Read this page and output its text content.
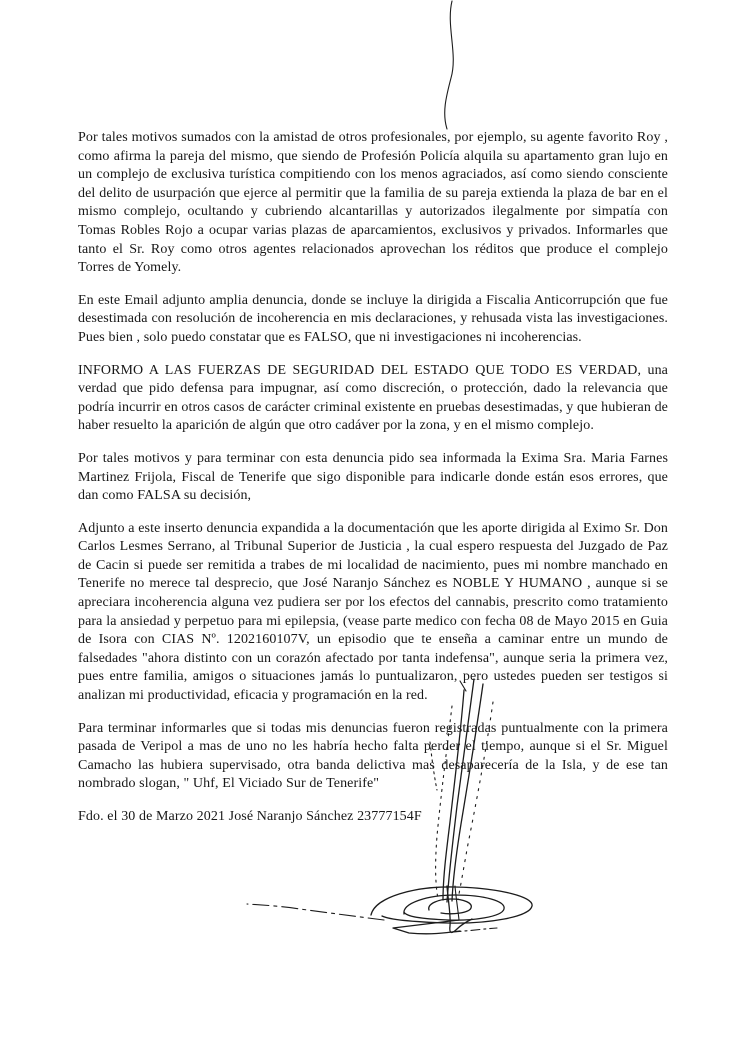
Por tales motivos sumados con la amistad de otros profesionales, por ejemplo, su agente favorito Roy , como afirma la pareja del mismo, que siendo de Profesión Policía alquila su apartamento gran lujo en un complejo de exclusiva turística compitiendo con los menos agraciados, así como siendo consciente del delito de usurpación que ejerce al permitir que la familia de su pareja extienda la plaza de bar en el mismo complejo, ocultando y cubriendo alcantarillas y autorizados ilegalmente por simpatía con Tomas Robles Rojo a ocupar varias plazas de aparcamientos, exclusivos y privados. Informarles que tanto el Sr. Roy como otros agentes relacionados aprovechan los réditos que produce el complejo Torres de Yomely.

En este Email adjunto amplia denuncia, donde se incluye la dirigida a Fiscalia Anticorrupción que fue desestimada con resolución de incoherencia en mis declaraciones, y rehusada vista las investigaciones. Pues bien , solo puedo constatar que es FALSO, que ni investigaciones ni incoherencias.

INFORMO A LAS FUERZAS DE SEGURIDAD DEL ESTADO QUE TODO ES VERDAD, una verdad que pido defensa para impugnar, así como discreción, o protección, dado la relevancia que podría incurrir en otros casos de carácter criminal existente en pruebas desestimadas, y que hubieran de haber resuelto la aparición de algún que otro cadáver por la zona, y en el mismo complejo.

Por tales motivos y para terminar con esta denuncia pido sea informada la Exima Sra. Maria Farnes Martinez Frijola, Fiscal de Tenerife que sigo disponible para indicarle donde están esos errores, que dan como FALSA su decisión,

Adjunto a este inserto denuncia expandida a la documentación que les aporte dirigida al Eximo Sr. Don Carlos Lesmes Serrano, al Tribunal Superior de Justicia , la cual espero respuesta del Juzgado de Paz de Cacin si puede ser remitida a trabes de mi localidad de nacimiento, pues mi nombre manchado en Tenerife no merece tal desprecio, que José Naranjo Sánchez es NOBLE Y HUMANO , aunque si se apreciara incoherencia alguna vez pudiera ser por los efectos del cannabis, prescrito como tratamiento para la ansiedad y perpetuo para mi epilepsia, (vease parte medico con fecha 08 de Mayo 2015 en Guia de Isora con CIAS Nº. 1202160107V, un episodio que te enseña a caminar entre un mundo de falsedades "ahora distinto con un corazón afectado por tanta indefensa", aunque seria la primera vez, pues entre familia, amigos o situaciones jamás lo puntualizaron, pero ustedes pueden ser testigos si analizan mi productividad, eficacia y programación en la red.

Para terminar informarles que si todas mis denuncias fueron registradas puntualmente con la primera pasada de Veripol a mas de uno no les habría hecho falta perder el tiempo, aunque si el Sr. Miguel Camacho las hubiera supervisado, otra banda delictiva mas desaparecería de la Isla, y de ese tan nombrado slogan, " Uhf, El Viciado Sur de Tenerife"

Fdo. el 30 de Marzo 2021 José Naranjo Sánchez 23777154F
